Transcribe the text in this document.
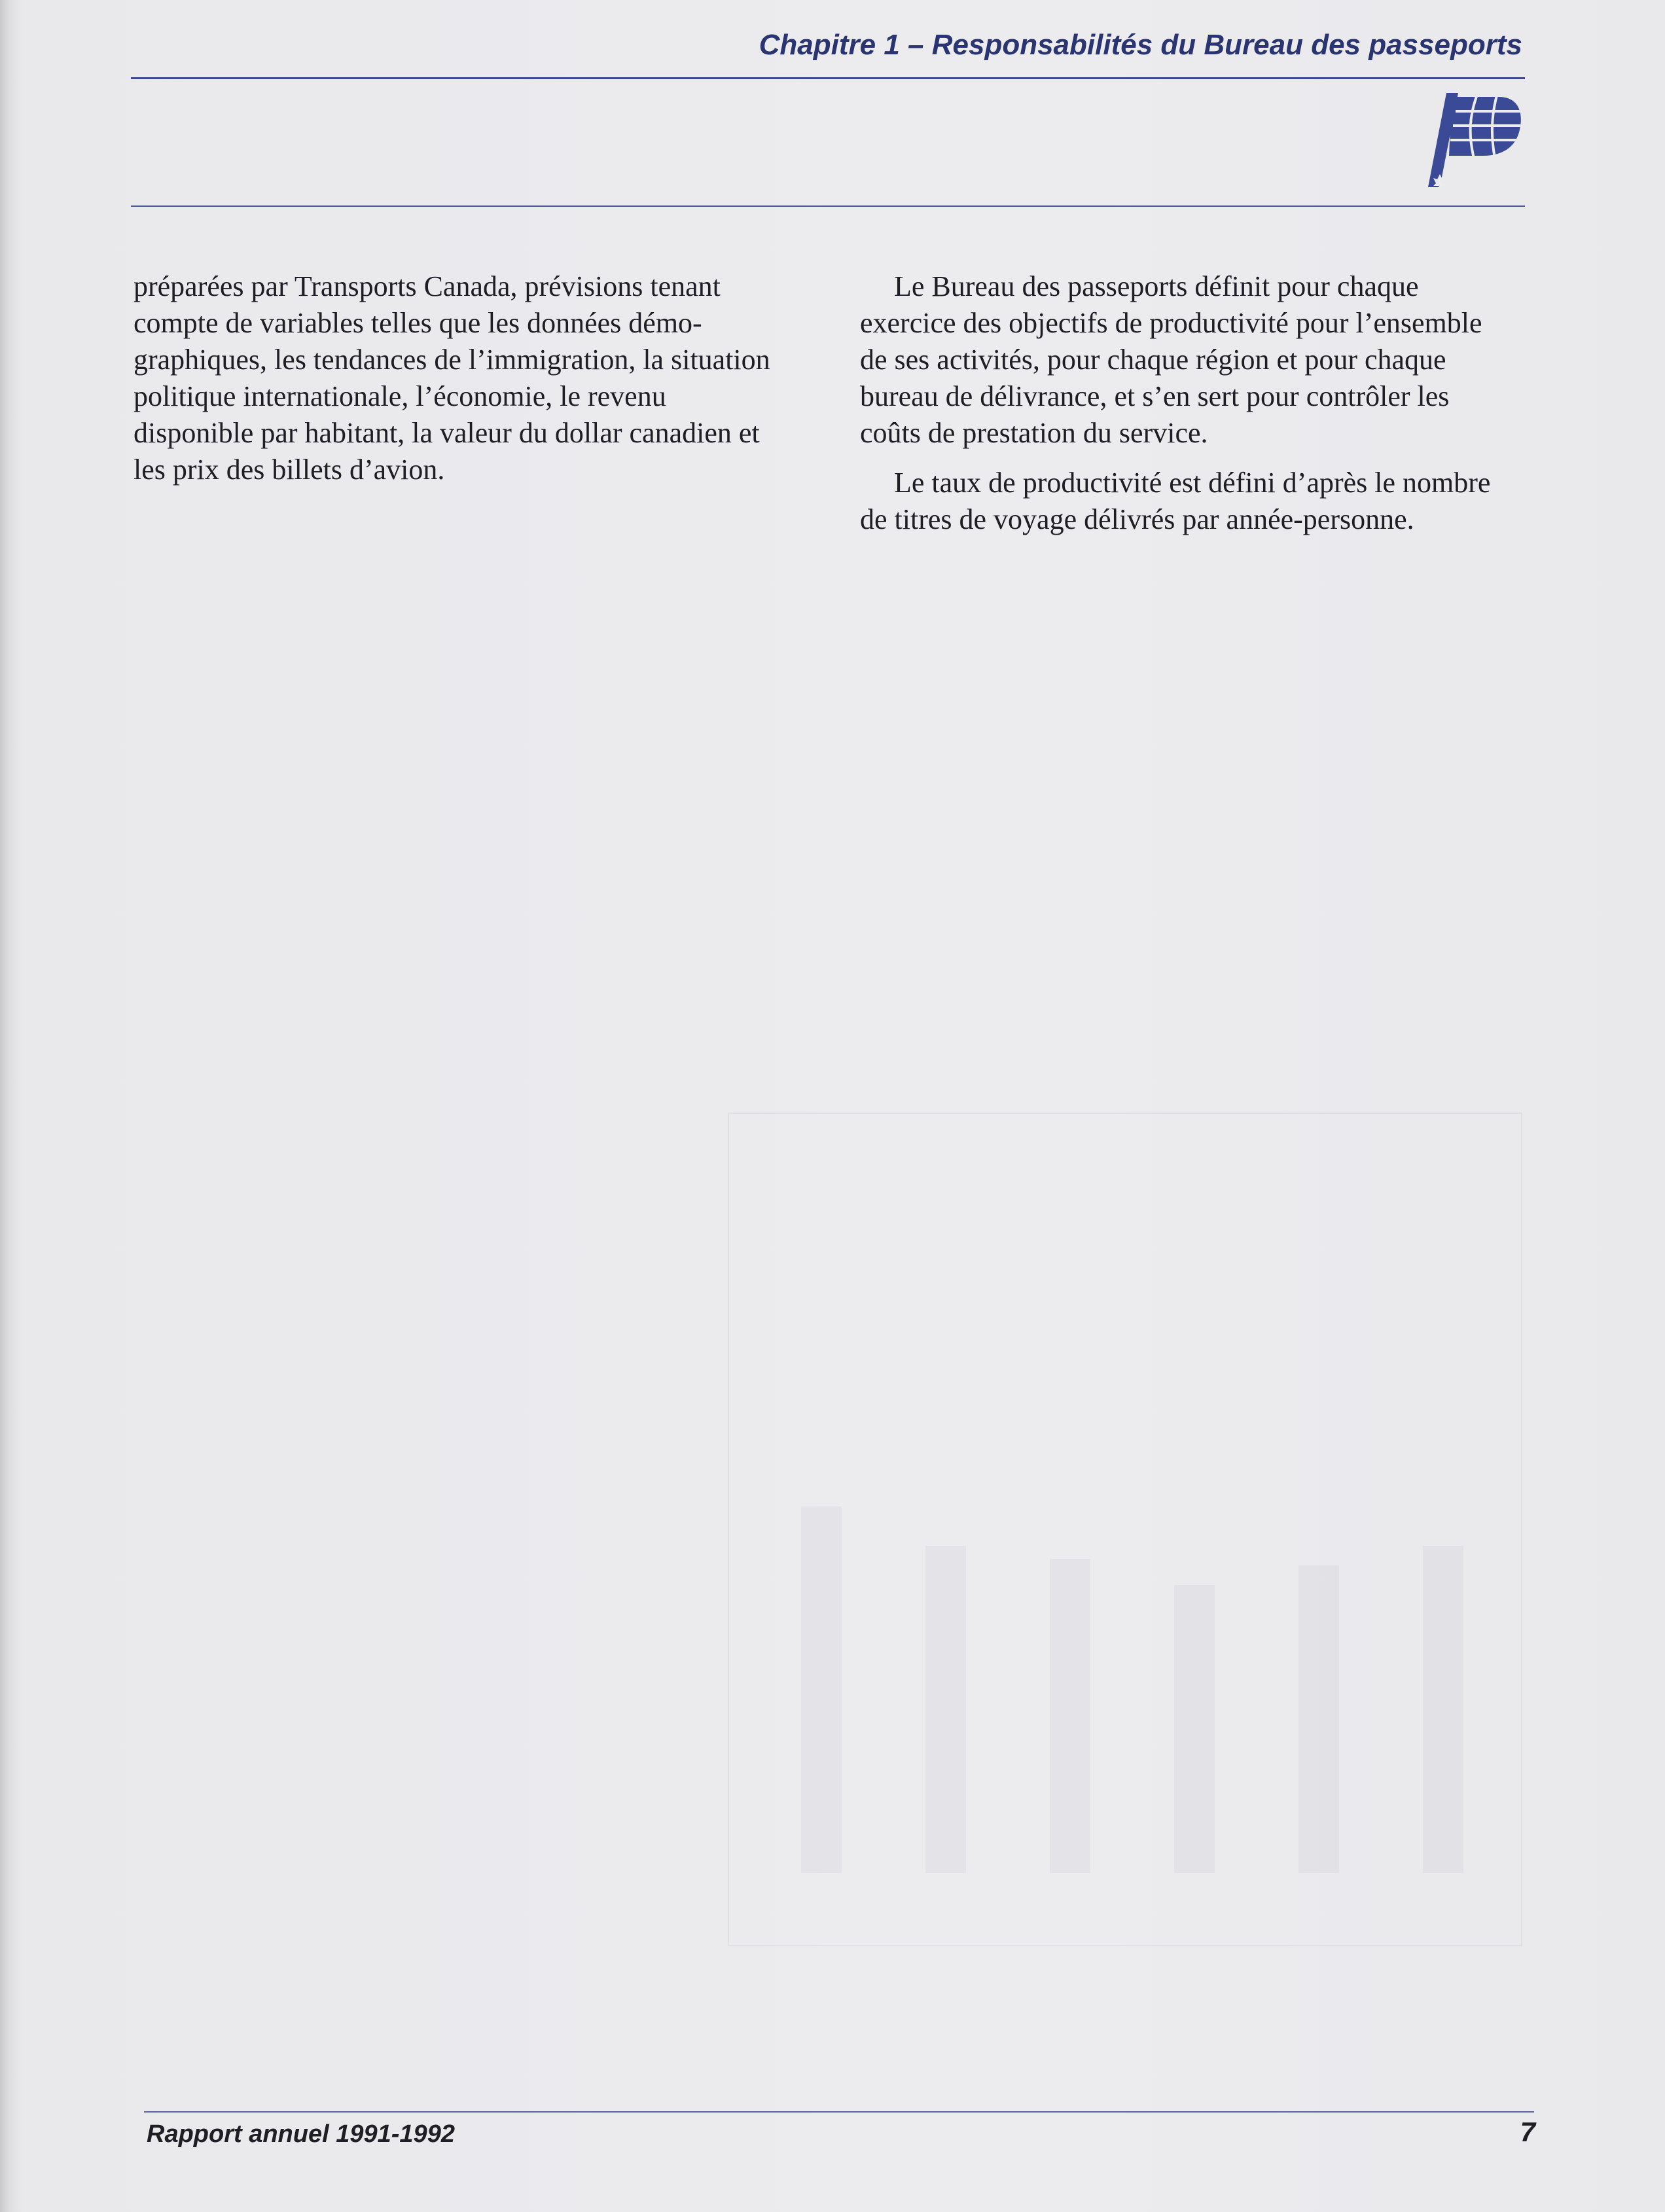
Chapitre 1 – Responsabilités du Bureau des passeports

préparées par Transports Canada, prévisions tenant compte de variables telles que les données démo-graphiques, les tendances de l’immigration, la situation politique internationale, l’économie, le revenu disponible par habitant, la valeur du dollar canadien et les prix des billets d’avion.

Le Bureau des passeports définit pour chaque exercice des objectifs de productivité pour l’ensemble de ses activités, pour chaque région et pour chaque bureau de délivrance, et s’en sert pour contrôler les coûts de prestation du service.

Le taux de productivité est défini d’après le nombre de titres de voyage délivrés par année-personne.

Rapport annuel 1991-1992	7
